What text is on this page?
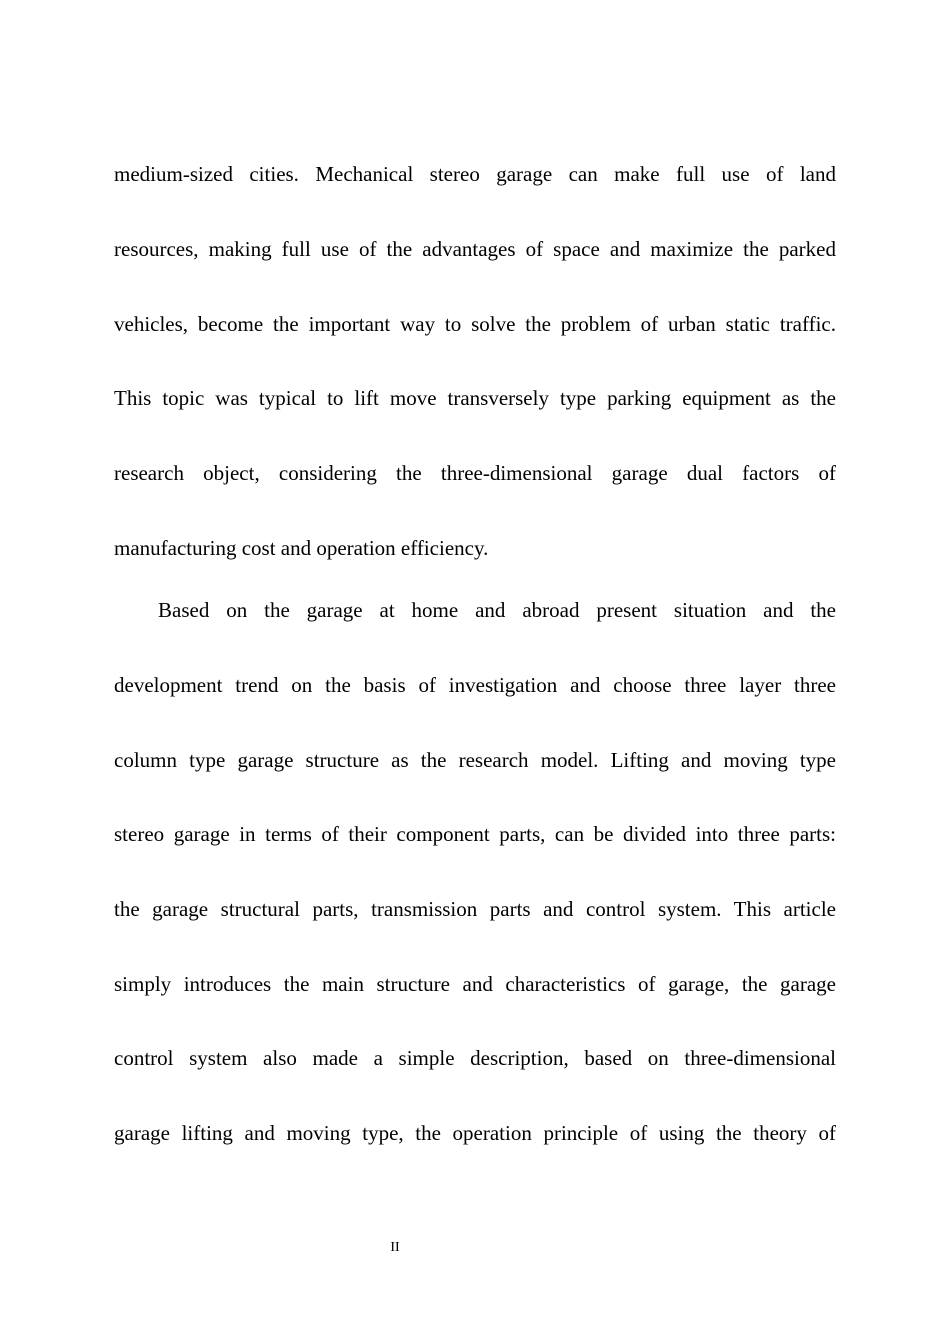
medium-sized cities. Mechanical stereo garage can make full use of land
resources, making full use of the advantages of space and maximize the parked
vehicles, become the important way to solve the problem of urban static traffic.
This topic was typical to lift move transversely type parking equipment as the
research object, considering the three-dimensional garage dual factors of
manufacturing cost and operation efficiency.
Based on the garage at home and abroad present situation and the
development trend on the basis of investigation and choose three layer three
column type garage structure as the research model. Lifting and moving type
stereo garage in terms of their component parts, can be divided into three parts:
the garage structural parts, transmission parts and control system. This article
simply introduces the main structure and characteristics of garage, the garage
control system also made a simple description, based on three-dimensional
garage lifting and moving type, the operation principle of using the theory of
II
